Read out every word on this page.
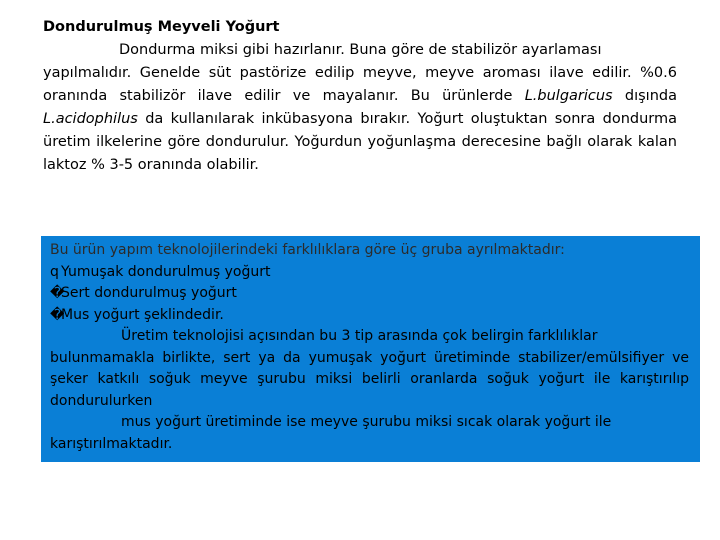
Dondurulmuş Meyveli Yoğurt
Dondurma miksi gibi hazırlanır. Buna göre de stabilizör ayarlaması
yapılmalıdır. Genelde süt pastörize edilip meyve, meyve aroması ilave edilir. %0.6
oranında stabilizör ilave edilir ve mayalanır. Bu ürünlerde L.bulgaricus dışında
L.acidophilus da kullanılarak inkübasyona bırakır. Yoğurt oluştuktan sonra dondurma
üretim ilkelerine göre dondurulur. Yoğurdun yoğunlaşma derecesine bağlı olarak kalan
laktoz % 3-5 oranında olabilir.
Bu ürün yapım teknolojilerindeki farklılıklara göre üç gruba ayrılmaktadır:
q Yumuşak dondurulmuş yoğurt
�Sert dondurulmuş yoğurt
�Mus yoğurt şeklindedir.
Üretim teknolojisi açısından bu 3 tip arasında çok belirgin farklılıklar
bulunmamakla birlikte, sert ya da yumuşak yoğurt üretiminde stabilizer/emülsifiyer ve
şeker katkılı soğuk meyve şurubu miksi belirli oranlarda soğuk yoğurt ile karıştırılıp
dondurulurken
mus yoğurt üretiminde ise meyve şurubu miksi sıcak olarak yoğurt ile
karıştırılmaktadır.
